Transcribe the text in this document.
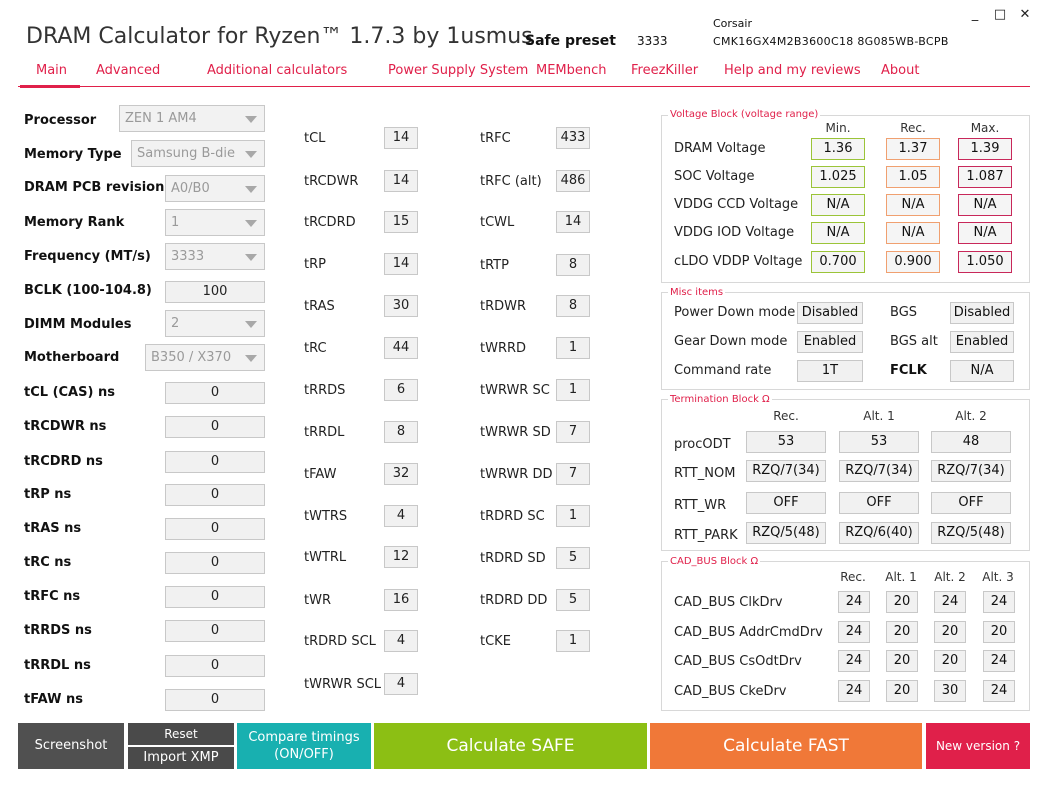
DRAM Calculator for Ryzen™ 1.7.3 by 1usmus
Safe preset 3333
Corsair
CMK16GX4M2B3600C18 8G085WB-BCPB
_	□ ✕
Main Advanced	Additional calculators	Power Supply System MEMbench FreezKiller Help and my reviews About
Processor	ZEN 1 AM4
Memory Type	Samsung B-die
DRAM PCB revision A0/B0
Memory Rank	1
Frequency (MT/s)	3333
BCLK (100-104.8)	100
DIMM Modules	2
Motherboard	B350 / X370
tCL (CAS) ns	0
tRCDWR ns	0
tRCDRD ns	0
tRP ns	0
tRAS ns	0
tRC ns	0
tRFC ns	0
tRRDS ns	0
tRRDL ns	0
tFAW ns	0
tCL	14
tRCDWR	14
tRCDRD	15
tRP	14
tRAS	30
tRC	44
tRRDS	6
tRRDL	8
tFAW	32
tWTRS	4
tWTRL	12
tWR	16
tRDRD SCL	4
tWRWR SCL	4
tRFC	433
tRFC (alt)	486
tCWL	14
tRTP	8
tRDWR	8
tWRRD	1
tWRWR SC	1
tWRWR SD	7
tWRWR DD	7
tRDRD SC	1
tRDRD SD	5
tRDRD DD	5
tCKE	1
Voltage Block (voltage range)
Min.	Rec.	Max.
DRAM Voltage	1.36	1.37	1.39
SOC Voltage	1.025	1.05	1.087
VDDG CCD Voltage	N/A	N/A	N/A
VDDG IOD Voltage	N/A	N/A	N/A
cLDO VDDP Voltage	0.700	0.900	1.050
Misc items
Power Down mode Disabled
Gear Down mode	Enabled
Command rate	1T
BGS	Disabled
BGS alt	Enabled
FCLK	N/A
Termination Block Ω
Rec.	Alt. 1	Alt. 2
procODT	53	53	48
RTT_NOM	RZQ/7(34)	RZQ/7(34)	RZQ/7(34)
RTT_WR	OFF	OFF	OFF
RTT_PARK	RZQ/5(48)	RZQ/6(40)	RZQ/5(48)
CAD_BUS Block Ω
Rec.	Alt. 1 Alt. 2 Alt. 3
CAD_BUS ClkDrv	24	20	24	24
CAD_BUS AddrCmdDrv	24	20	20	20
CAD_BUS CsOdtDrv	24	20	20	24
CAD_BUS CkeDrv	24	20	30	24
Screenshot
Reset
Import XMP
Compare timings
(ON/OFF)	Calculate SAFE	Calculate FAST	New version ?
